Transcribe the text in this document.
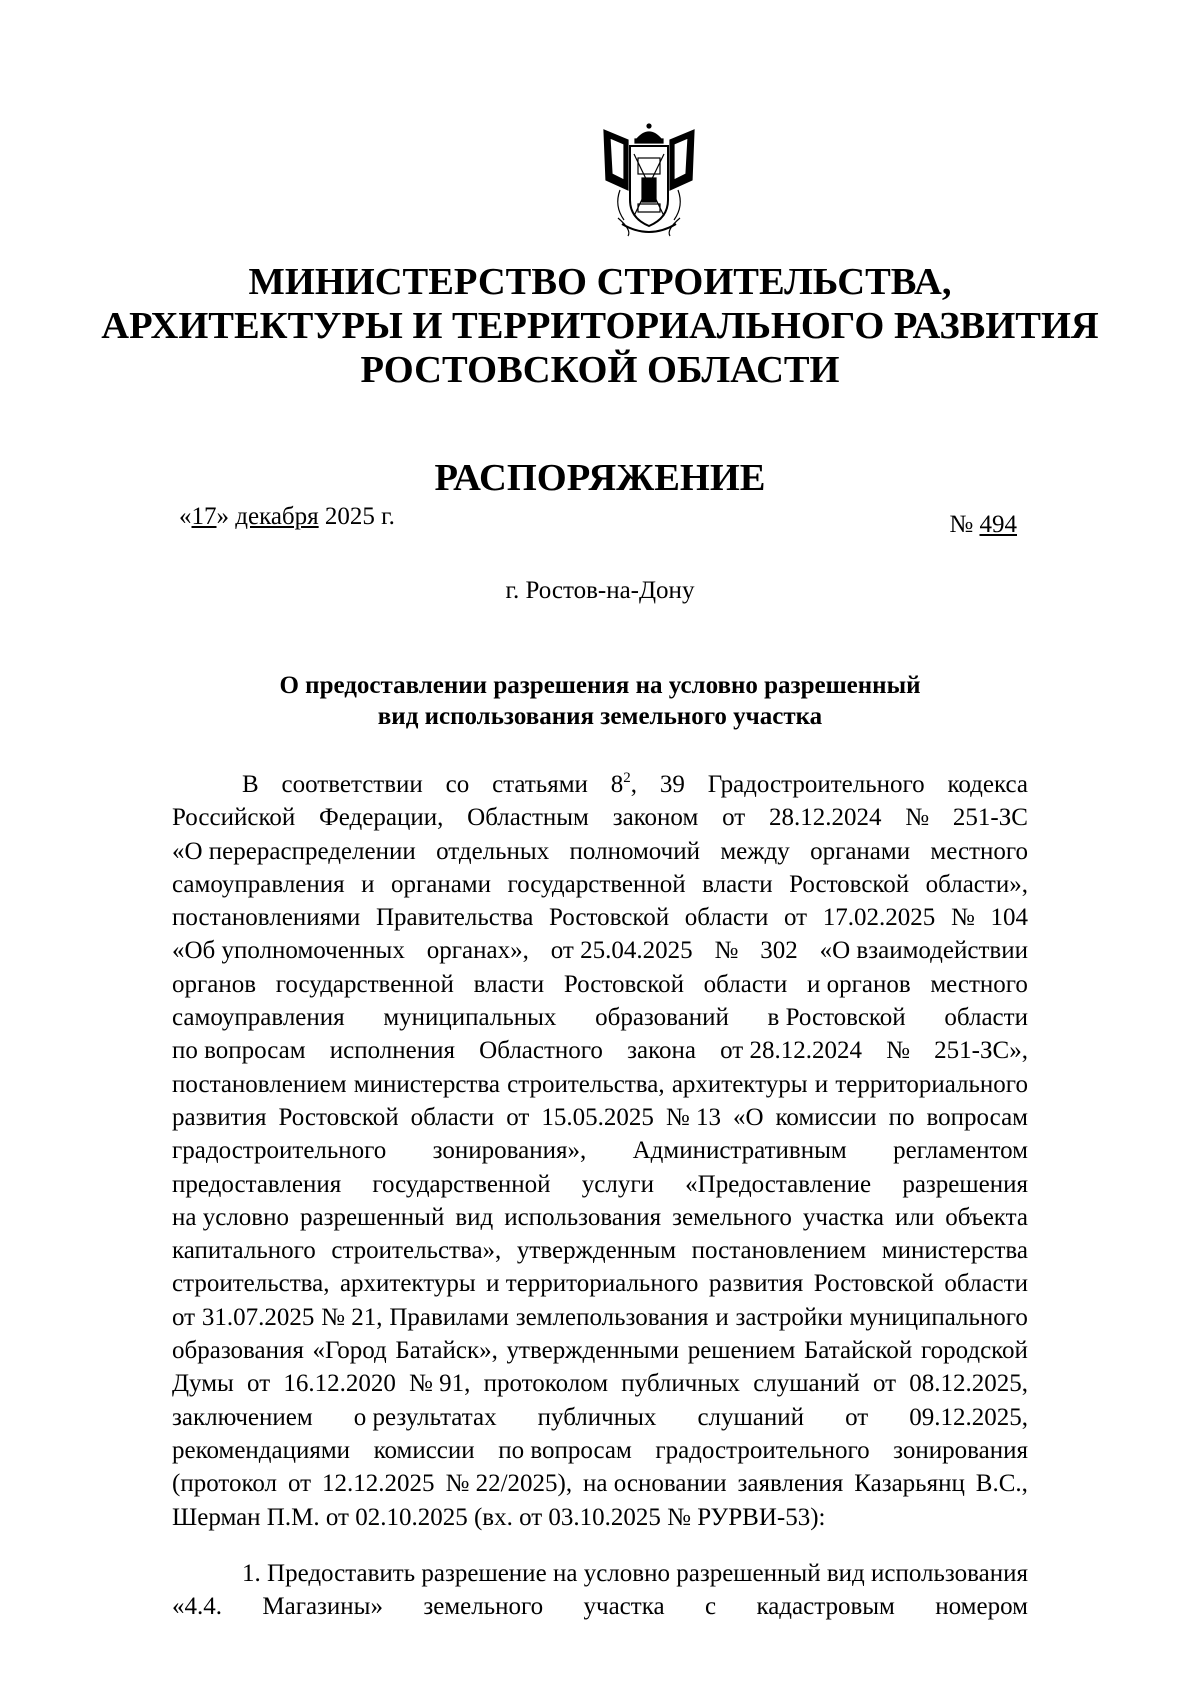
МИНИСТЕРСТВО СТРОИТЕЛЬСТВА,
АРХИТЕКТУРЫ И ТЕРРИТОРИАЛЬНОГО РАЗВИТИЯ
РОСТОВСКОЙ ОБЛАСТИ
РАСПОРЯЖЕНИЕ
«17» декабря 2025 г.	№ 494
г. Ростов-на-Дону
О предоставлении разрешения на условно разрешенный
вид использования земельного участка
В соответствии со статьями $8^2$, 39 Градостроительного кодекса
Российской Федерации, Областным законом от 28.12.2024 № 251-ЗС
«О перераспределении отдельных полномочий между органами местного
самоуправления и органами государственной власти Ростовской области»,
постановлениями Правительства Ростовской области от 17.02.2025 № 104
«Об уполномоченных органах», от 25.04.2025 № 302 «О взаимодействии
органов государственной власти Ростовской области и органов местного
самоуправления муниципальных образований в Ростовской области
по вопросам исполнения Областного закона от 28.12.2024 № 251-ЗС»,
постановлением министерства строительства, архитектуры и территориального
развития Ростовской области от 15.05.2025 № 13 «О комиссии по вопросам
градостроительного зонирования», Административным регламентом
предоставления государственной услуги «Предоставление разрешения
на условно разрешенный вид использования земельного участка или объекта
капитального строительства», утвержденным постановлением министерства
строительства, архитектуры и территориального развития Ростовской области
от 31.07.2025 № 21, Правилами землепользования и застройки муниципального
образования «Город Батайск», утвержденными решением Батайской городской
Думы от 16.12.2020 № 91, протоколом публичных слушаний от 08.12.2025,
заключением о результатах публичных слушаний от 09.12.2025,
рекомендациями комиссии по вопросам градостроительного зонирования
(протокол от 12.12.2025 № 22/2025), на основании заявления Казарьянц В.С.,
Шерман П.М. от 02.10.2025 (вх. от 03.10.2025 № РУРВИ-53):
1. Предоставить разрешение на условно разрешенный вид использования
«4.4. Магазины» земельного участка с кадастровым номером
